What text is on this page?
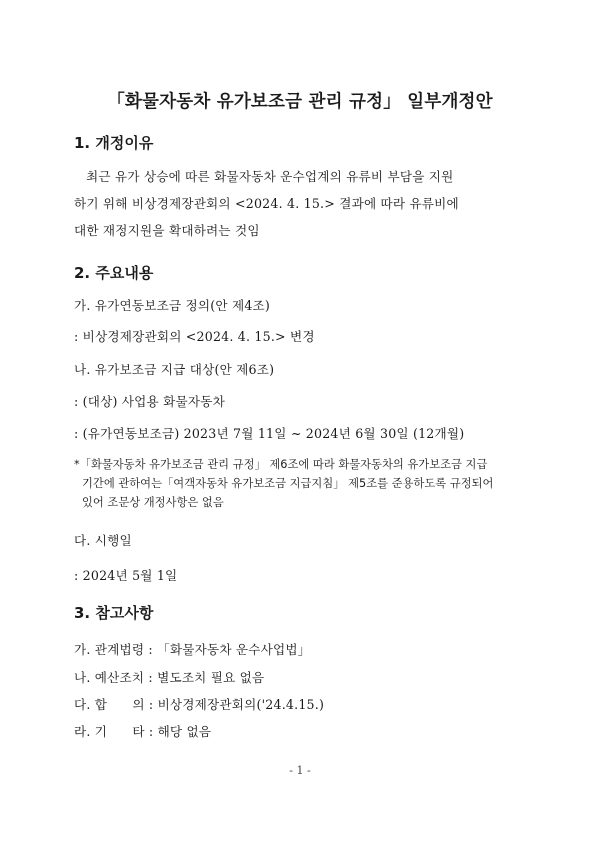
「화물자동차 유가보조금 관리 규정」 일부개정안
1. 개정이유
최근 유가 상승에 따른 화물자동차 운수업계의 유류비 부담을 지원
하기 위해 비상경제장관회의 <2024. 4. 15.> 결과에 따라 유류비에
대한 재정지원을 확대하려는 것임
2. 주요내용
가. 유가연동보조금 정의(안 제4조)
: 비상경제장관회의 <2024. 4. 15.> 변경
나. 유가보조금 지급 대상(안 제6조)
: (대상) 사업용 화물자동차
: (유가연동보조금) 2023년 7월 11일 ~ 2024년 6월 30일 (12개월)
*「화물자동차 유가보조금 관리 규정」 제6조에 따라 화물자동차의 유가보조금 지급
기간에 관하여는「여객자동차 유가보조금 지급지침」 제5조를 준용하도록 규정되어
있어 조문상 개정사항은 없음
다. 시행일
: 2024년 5월 1일
3. 참고사항
가. 관계법령 : 「화물자동차 운수사업법」
나. 예산조치 : 별도조치 필요 없음
다. 합      의 : 비상경제장관회의('24.4.15.)
라. 기      타 : 해당 없음
- 1 -
